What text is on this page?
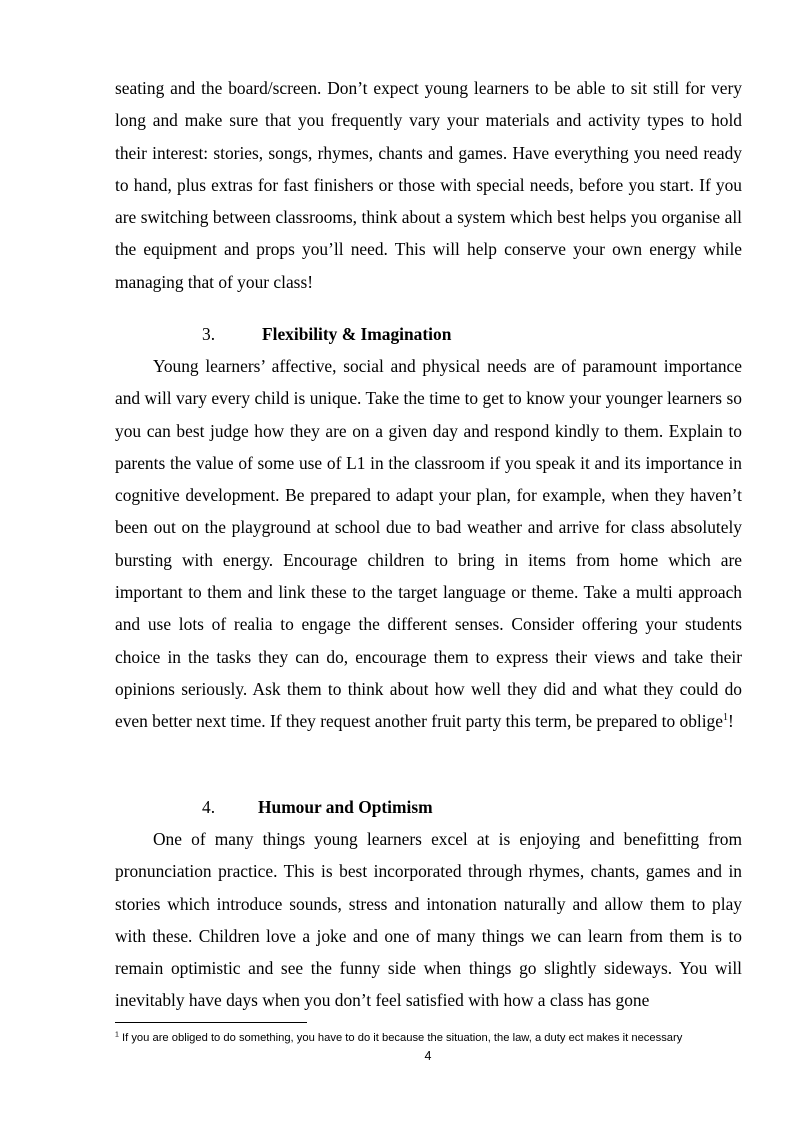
seating and the board/screen. Don’t expect young learners to be able to sit still for very long and make sure that you frequently vary your materials and activity types to hold their interest: stories, songs, rhymes, chants and games. Have everything you need ready to hand, plus extras for fast finishers or those with special needs, before you start. If you are switching between classrooms, think about a system which best helps you organise all the equipment and props you’ll need. This will help conserve your own energy while managing that of your class!

3.	Flexibility & Imagination

Young learners’ affective, social and physical needs are of paramount importance and will vary every child is unique. Take the time to get to know your younger learners so you can best judge how they are on a given day and respond kindly to them. Explain to parents the value of some use of L1 in the classroom if you speak it and its importance in cognitive development. Be prepared to adapt your plan, for example, when they haven’t been out on the playground at school due to bad weather and arrive for class absolutely bursting with energy. Encourage children to bring in items from home which are important to them and link these to the target language or theme. Take a multi approach and use lots of realia to engage the different senses. Consider offering your students choice in the tasks they can do, encourage them to express their views and take their opinions seriously. Ask them to think about how well they did and what they could do even better next time. If they request another fruit party this term, be prepared to oblige$^1$!

4. Humour and Optimism

One of many things young learners excel at is enjoying and benefitting from pronunciation practice. This is best incorporated through rhymes, chants, games and in stories which introduce sounds, stress and intonation naturally and allow them to play with these. Children love a joke and one of many things we can learn from them is to remain optimistic and see the funny side when things go slightly sideways. You will inevitably have days when you don’t feel satisfied with how a class has gone

$^1$ If you are obliged to do something, you have to do it because the situation, the law, a duty ect makes it necessary
4
